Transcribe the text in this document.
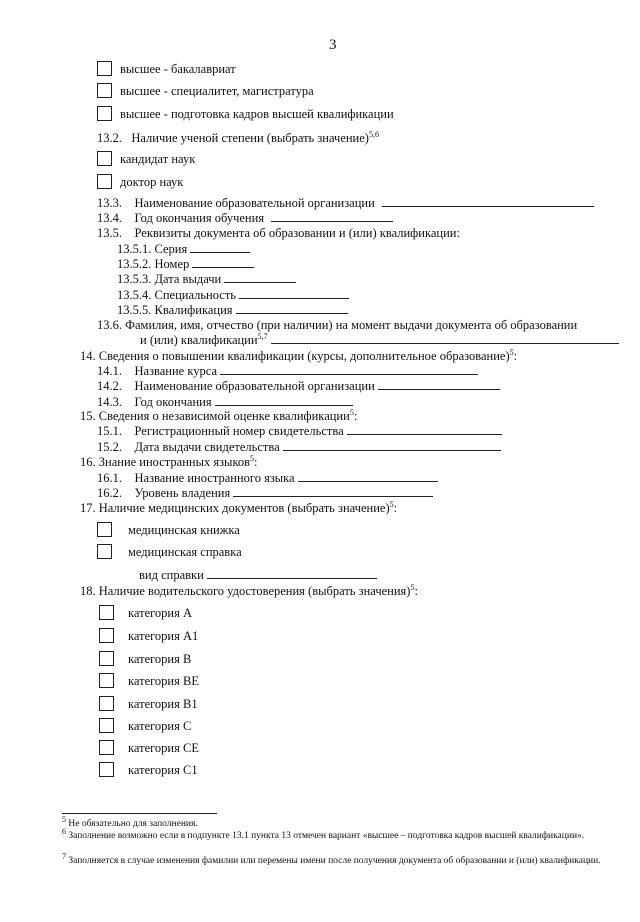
3
высшее - бакалавриат
высшее - специалитет, магистратура
высшее - подготовка кадров высшей квалификации
13.2. Наличие ученой степени (выбрать значение)$^{5,6}$
кандидат наук
доктор наук
13.3. Наименование образовательной организации
13.4. Год окончания обучения
13.5. Реквизиты документа об образовании и (или) квалификации:
13.5.1. Серия
13.5.2. Номер
13.5.3. Дата выдачи
13.5.4. Специальность
13.5.5. Квалификация
13.6. Фамилия, имя, отчество (при наличии) на момент выдачи документа об образовании
и (или) квалификации$^{5,7}$
14. Сведения о повышении квалификации (курсы, дополнительное образование)$^5$:
14.1. Название курса
14.2. Наименование образовательной организации
14.3. Год окончания
15. Сведения о независимой оценке квалификации$^5$:
15.1. Регистрационный номер свидетельства
15.2. Дата выдачи свидетельства
16. Знание иностранных языков$^5$:
16.1. Название иностранного языка
16.2. Уровень владения
17. Наличие медицинских документов (выбрать значение)$^5$:
медицинская книжка
медицинская справка
вид справки
18. Наличие водительского удостоверения (выбрать значения)$^5$:
категория A
категория A1
категория B
категория BE
категория B1
категория C
категория CE
категория C1
$^5$ Не обязательно для заполнения.
$^6$ Заполнение возможно если в подпункте 13.1 пункта 13 отмечен вариант «высшее – подготовка кадров высшей квалификации».
$^7$ Заполняется в случае изменения фамилии или перемены имени после получения документа об образовании и (или) квалификации.
